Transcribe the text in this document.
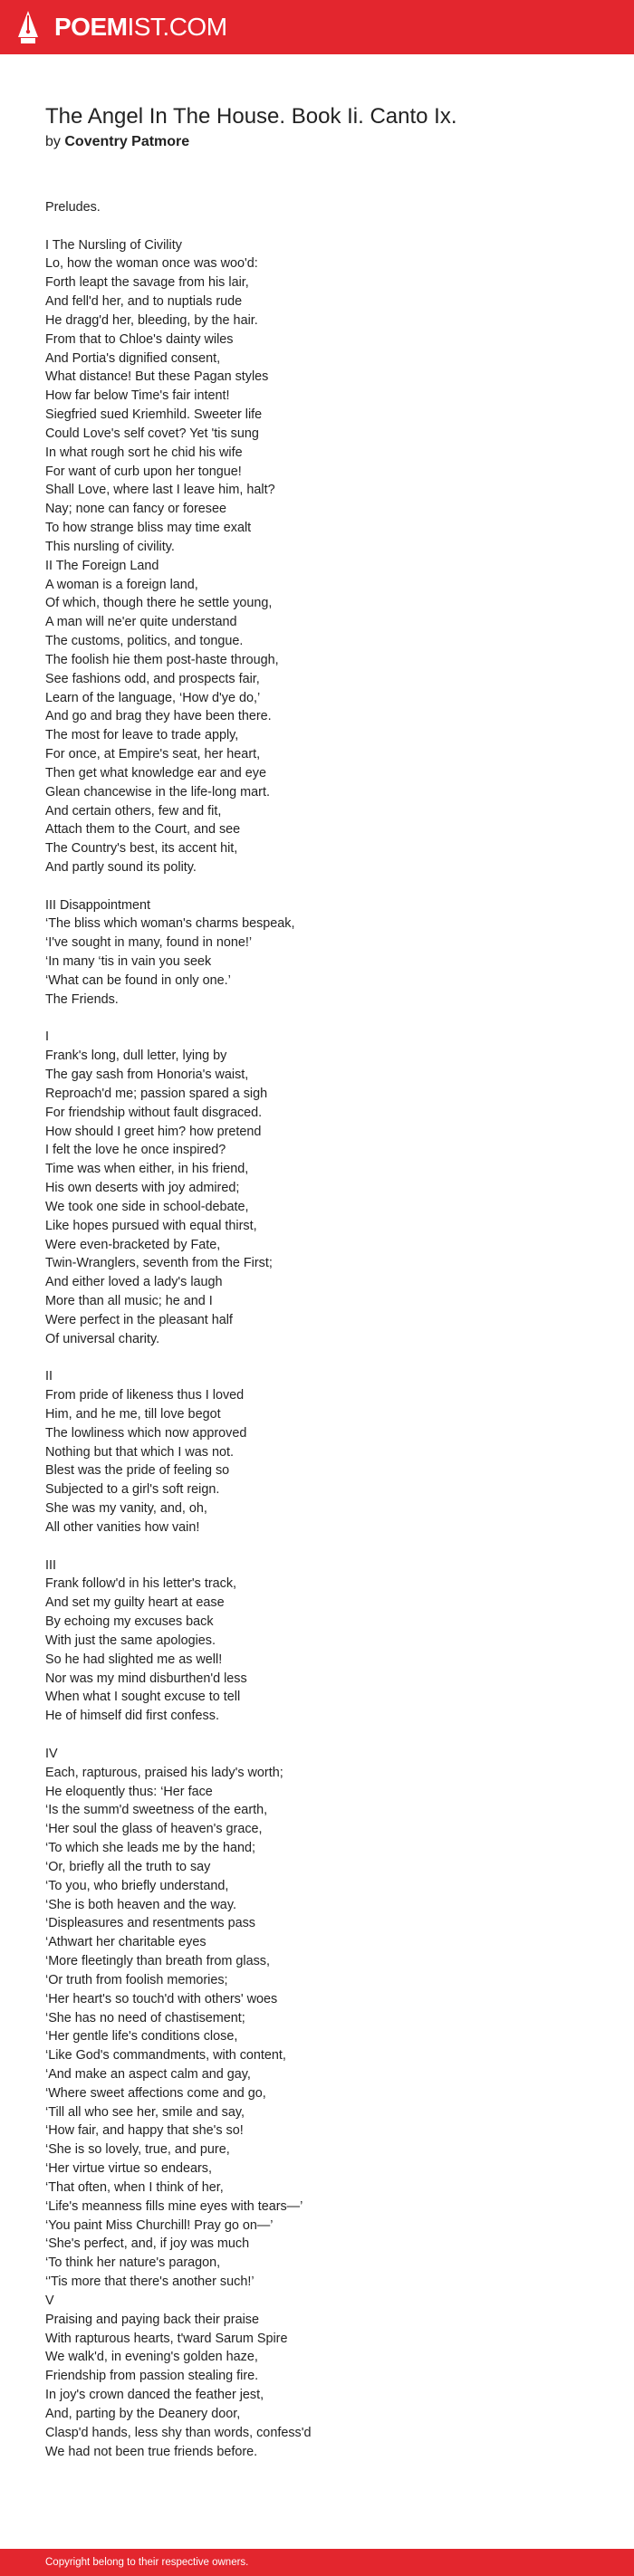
POEMIST.COM
The Angel In The House. Book Ii. Canto Ix.

by Coventry Patmore

Preludes.
I The Nursling of Civility
Lo, how the woman once was woo'd:
Forth leapt the savage from his lair,
And fell'd her, and to nuptials rude
He dragg'd her, bleeding, by the hair.
From that to Chloe's dainty wiles
And Portia's dignified consent,
What distance! But these Pagan styles
How far below Time's fair intent!
Siegfried sued Kriemhild. Sweeter life
Could Love's self covet? Yet 'tis sung
In what rough sort he chid his wife
For want of curb upon her tongue!
Shall Love, where last I leave him, halt?
Nay; none can fancy or foresee
To how strange bliss may time exalt
This nursling of civility.
II The Foreign Land
A woman is a foreign land,
Of which, though there he settle young,
A man will ne'er quite understand
The customs, politics, and tongue.
The foolish hie them post-haste through,
See fashions odd, and prospects fair,
Learn of the language, ‘How d'ye do,’
And go and brag they have been there.
The most for leave to trade apply,
For once, at Empire's seat, her heart,
Then get what knowledge ear and eye
Glean chancewise in the life-long mart.
And certain others, few and fit,
Attach them to the Court, and see
The Country's best, its accent hit,
And partly sound its polity.
III Disappointment
‘The bliss which woman's charms bespeak,
‘I've sought in many, found in none!’
‘In many ‘tis in vain you seek
‘What can be found in only one.’
The Friends.
I
Frank's long, dull letter, lying by
The gay sash from Honoria's waist,
Reproach'd me; passion spared a sigh
For friendship without fault disgraced.
How should I greet him? how pretend
I felt the love he once inspired?
Time was when either, in his friend,
His own deserts with joy admired;
We took one side in school-debate,
Like hopes pursued with equal thirst,
Were even-bracketed by Fate,
Twin-Wranglers, seventh from the First;
And either loved a lady's laugh
More than all music; he and I
Were perfect in the pleasant half
Of universal charity.
II
From pride of likeness thus I loved
Him, and he me, till love begot
The lowliness which now approved
Nothing but that which I was not.
Blest was the pride of feeling so
Subjected to a girl's soft reign.
She was my vanity, and, oh,
All other vanities how vain!
III
Frank follow'd in his letter's track,
And set my guilty heart at ease
By echoing my excuses back
With just the same apologies.
So he had slighted me as well!
Nor was my mind disburthen'd less
When what I sought excuse to tell
He of himself did first confess.
IV
Each, rapturous, praised his lady's worth;
He eloquently thus: ‘Her face
‘Is the summ'd sweetness of the earth,
‘Her soul the glass of heaven's grace,
‘To which she leads me by the hand;
‘Or, briefly all the truth to say
‘To you, who briefly understand,
‘She is both heaven and the way.
‘Displeasures and resentments pass
‘Athwart her charitable eyes
‘More fleetingly than breath from glass,
‘Or truth from foolish memories;
‘Her heart's so touch'd with others' woes
‘She has no need of chastisement;
‘Her gentle life's conditions close,
‘Like God's commandments, with content,
‘And make an aspect calm and gay,
‘Where sweet affections come and go,
‘Till all who see her, smile and say,
‘How fair, and happy that she's so!
‘She is so lovely, true, and pure,
‘Her virtue virtue so endears,
‘That often, when I think of her,
‘Life's meanness fills mine eyes with tears—’
‘You paint Miss Churchill! Pray go on—’
‘She's perfect, and, if joy was much
‘To think her nature's paragon,
‘'Tis more that there's another such!’
V
Praising and paying back their praise
With rapturous hearts, t'ward Sarum Spire
We walk'd, in evening's golden haze,
Friendship from passion stealing fire.
In joy's crown danced the feather jest,
And, parting by the Deanery door,
Clasp'd hands, less shy than words, confess'd
We had not been true friends before.
Copyright belong to their respective owners.
